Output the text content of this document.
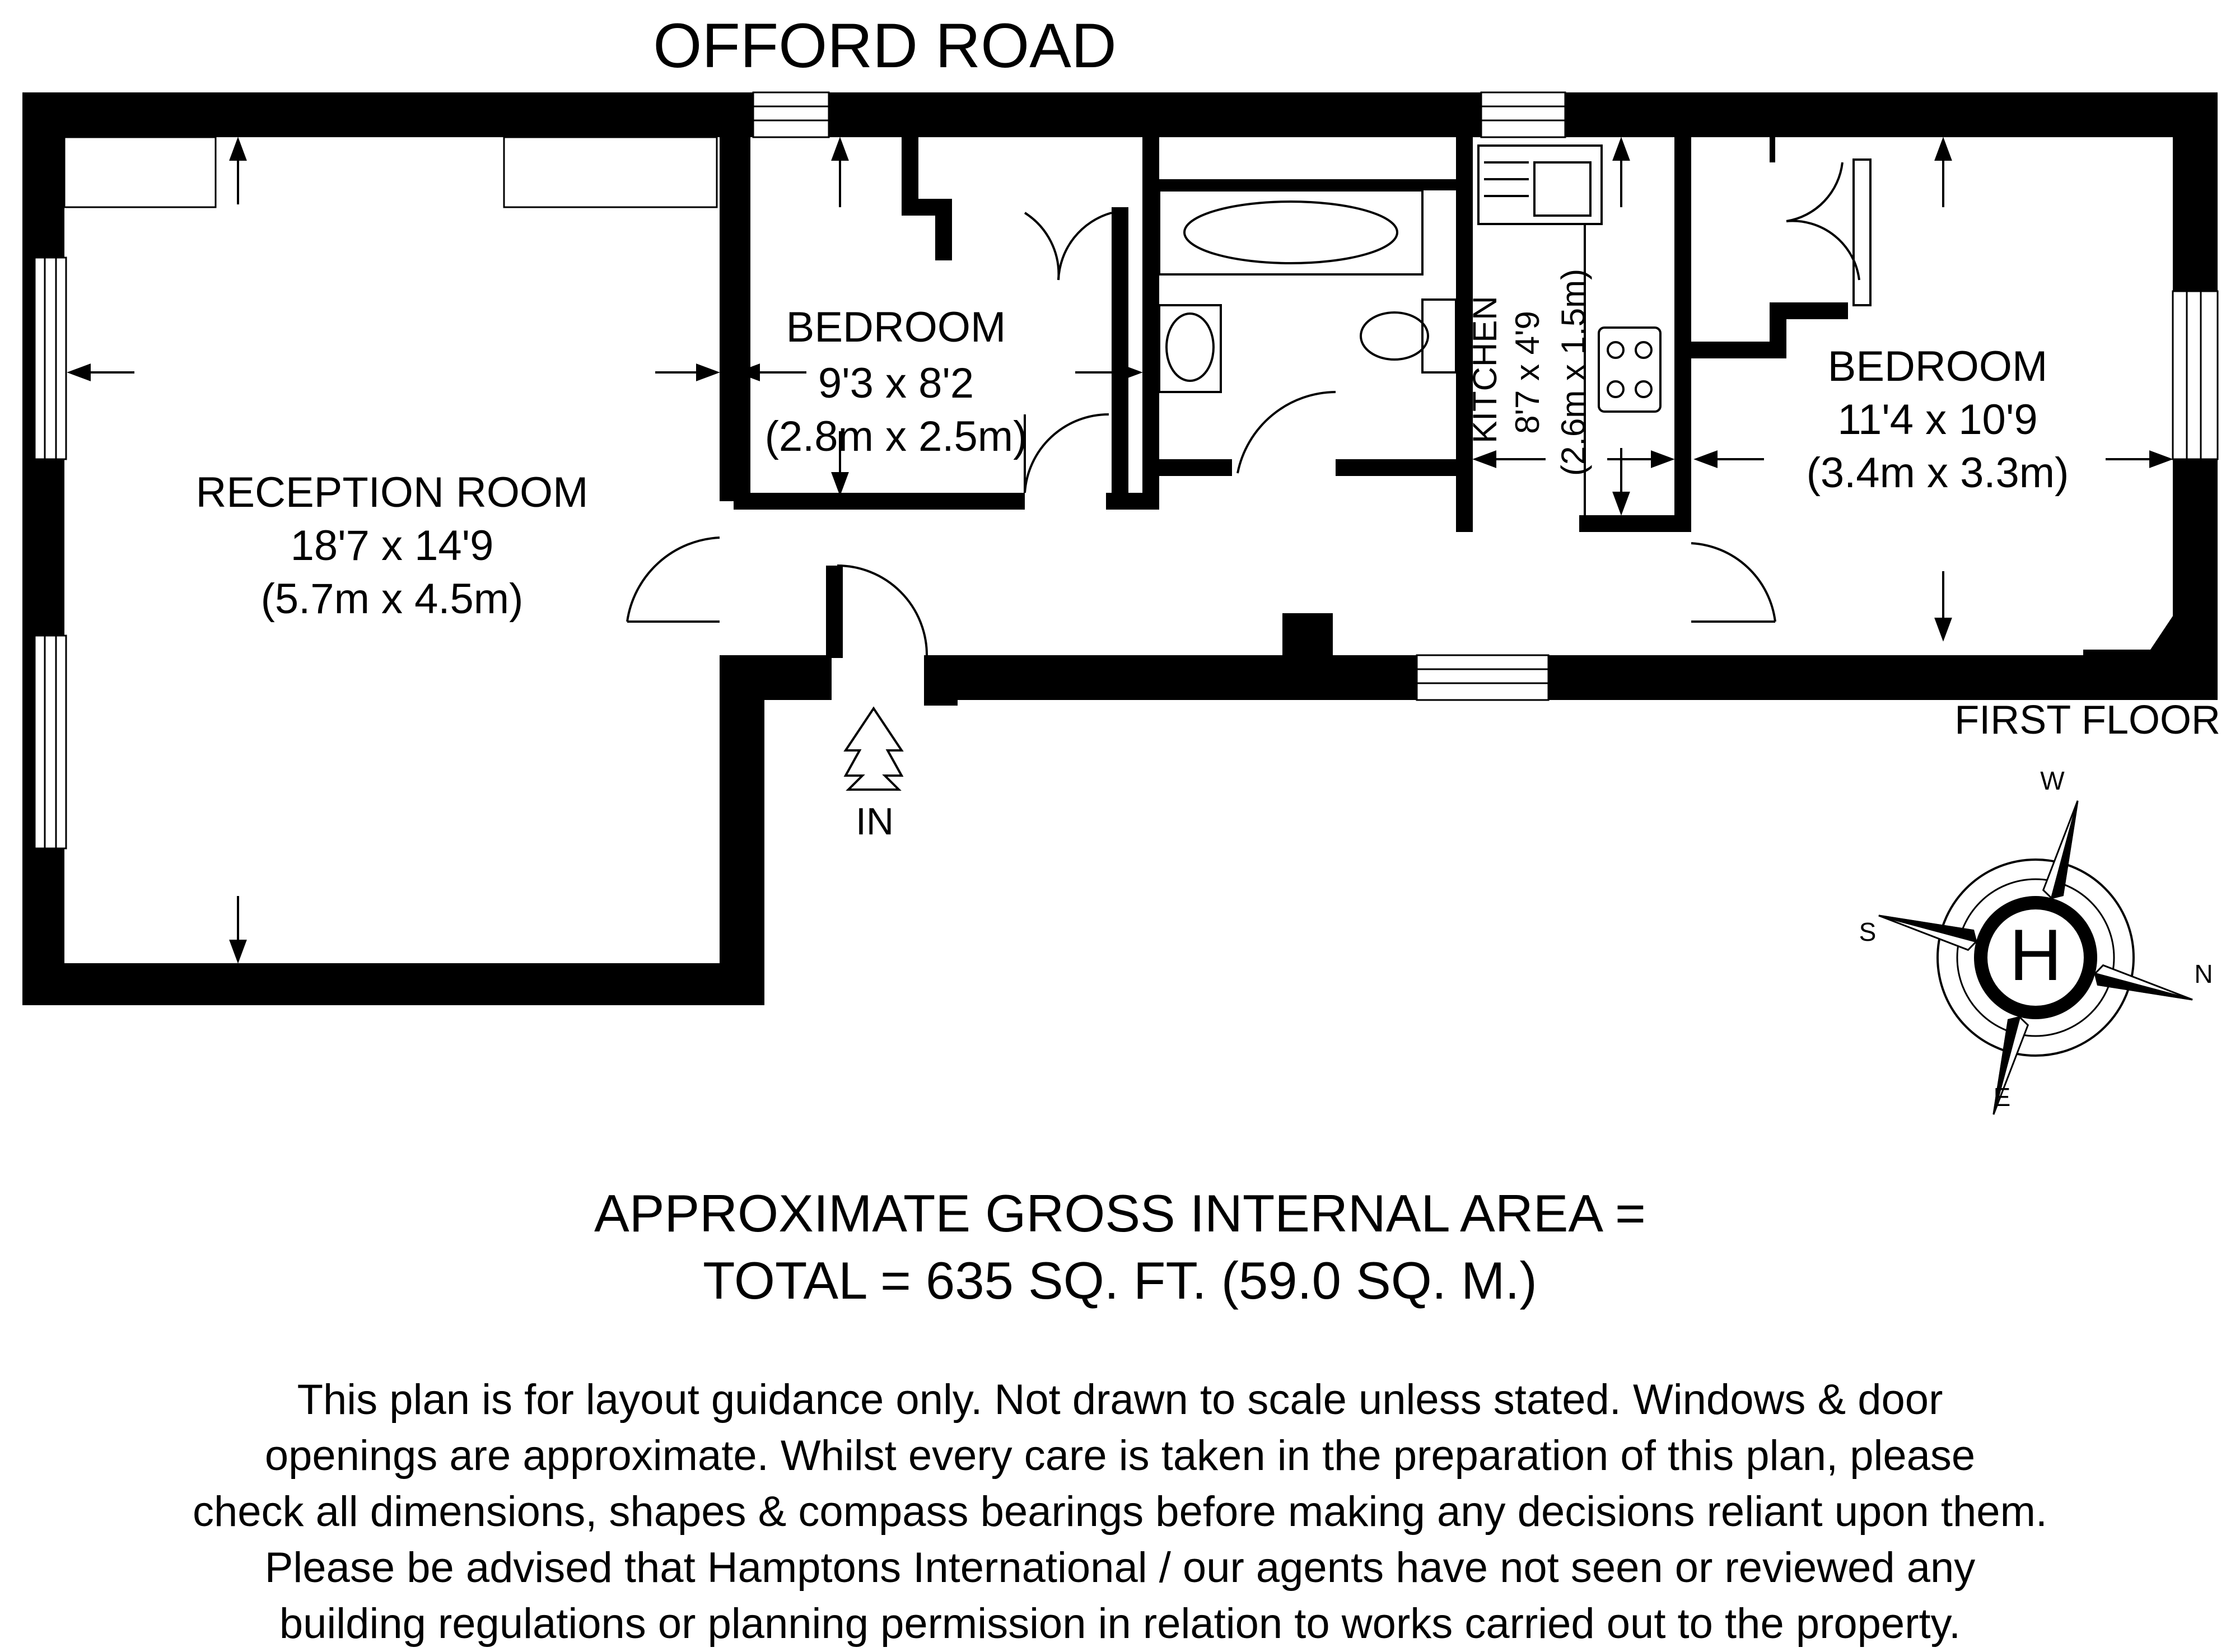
OFFORD ROAD
IN
RECEPTION ROOM
18'7 x 14'9
(5.7m x 4.5m)
BEDROOM
9'3 x 8'2
(2.8m x 2.5m)
BEDROOM
11'4 x 10'9
(3.4m x 3.3m)
KITCHEN 8'7 x 4'9 (2.6m x 1.5m)
FIRST FLOOR
H
W
S
N
E
APPROXIMATE GROSS INTERNAL AREA =
TOTAL = 635 SQ. FT. (59.0 SQ. M.)
This plan is for layout guidance only. Not drawn to scale unless stated. Windows & door
openings are approximate. Whilst every care is taken in the preparation of this plan, please
check all dimensions, shapes & compass bearings before making any decisions reliant upon them.
Please be advised that Hamptons International / our agents have not seen or reviewed any
building regulations or planning permission in relation to works carried out to the property.
